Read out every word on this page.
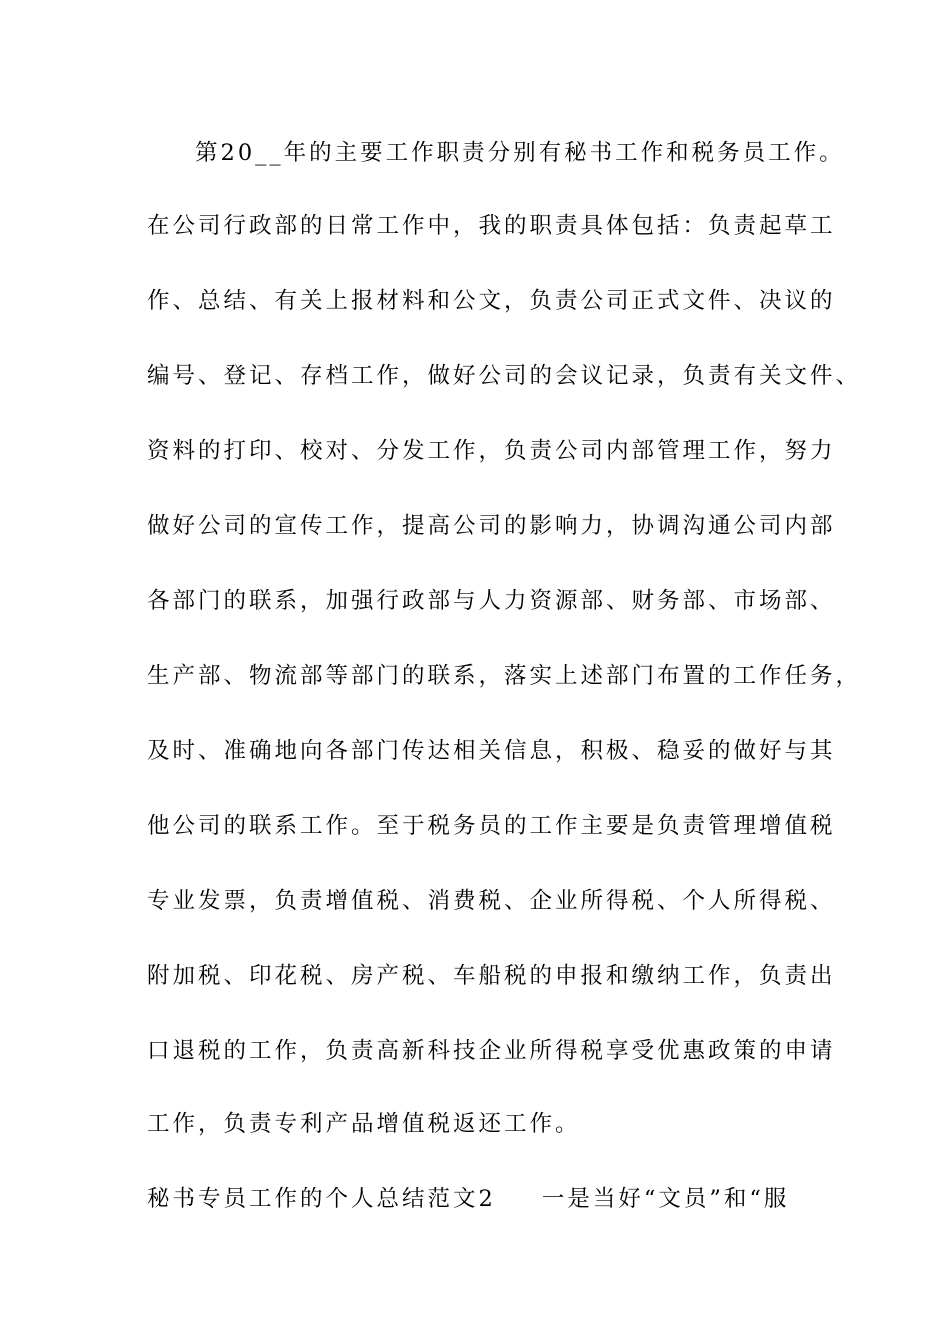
第20__年的主要工作职责分别有秘书工作和税务员工作。
在公司行政部的日常工作中，我的职责具体包括：负责起草工
作、总结、有关上报材料和公文，负责公司正式文件、决议的
编号、登记、存档工作，做好公司的会议记录，负责有关文件、
资料的打印、校对、分发工作，负责公司内部管理工作，努力
做好公司的宣传工作，提高公司的影响力，协调沟通公司内部
各部门的联系，加强行政部与人力资源部、财务部、市场部、
生产部、物流部等部门的联系，落实上述部门布置的工作任务，
及时、准确地向各部门传达相关信息，积极、稳妥的做好与其
他公司的联系工作。至于税务员的工作主要是负责管理增值税
专业发票，负责增值税、消费税、企业所得税、个人所得税、
附加税、印花税、房产税、车船税的申报和缴纳工作，负责出
口退税的工作，负责高新科技企业所得税享受优惠政策的申请
工作，负责专利产品增值税返还工作。
秘书专员工作的个人总结范文2 一是当好“文员”和“服
